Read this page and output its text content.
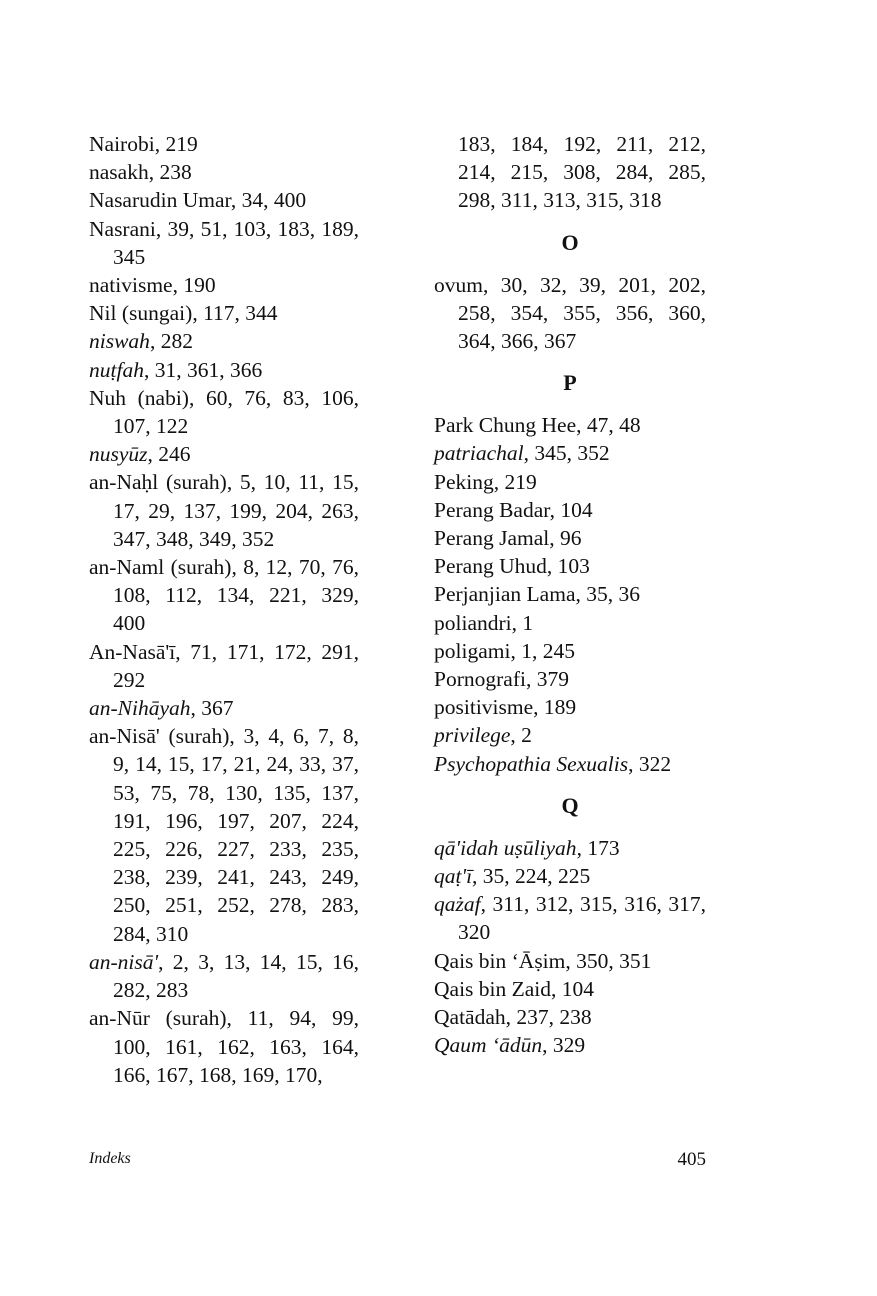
Nairobi, 219
nasakh, 238
Nasarudin Umar, 34, 400
Nasrani, 39, 51, 103, 183, 189, 345
nativisme, 190
Nil (sungai), 117, 344
niswah, 282
nuṭfah, 31, 361, 366
Nuh (nabi), 60, 76, 83, 106, 107, 122
nusyūz, 246
an-Naḥl (surah), 5, 10, 11, 15, 17, 29, 137, 199, 204, 263, 347, 348, 349, 352
an-Naml (surah), 8, 12, 70, 76, 108, 112, 134, 221, 329, 400
An-Nasā'ī, 71, 171, 172, 291, 292
an-Nihāyah, 367
an-Nisā' (surah), 3, 4, 6, 7, 8, 9, 14, 15, 17, 21, 24, 33, 37, 53, 75, 78, 130, 135, 137, 191, 196, 197, 207, 224, 225, 226, 227, 233, 235, 238, 239, 241, 243, 249, 250, 251, 252, 278, 283, 284, 310
an-nisā', 2, 3, 13, 14, 15, 16, 282, 283
an-Nūr (surah), 11, 94, 99, 100, 161, 162, 163, 164, 166, 167, 168, 169, 170,
183, 184, 192, 211, 212, 214, 215, 308, 284, 285, 298, 311, 313, 315, 318
O
ovum, 30, 32, 39, 201, 202, 258, 354, 355, 356, 360, 364, 366, 367
P
Park Chung Hee, 47, 48
patriachal, 345, 352
Peking, 219
Perang Badar, 104
Perang Jamal, 96
Perang Uhud, 103
Perjanjian Lama, 35, 36
poliandri, 1
poligami, 1, 245
Pornografi, 379
positivisme, 189
privilege, 2
Psychopathia Sexualis, 322
Q
qā'idah uṣūliyah, 173
qaṭ'ī, 35, 224, 225
qażaf, 311, 312, 315, 316, 317, 320
Qais bin ‘Āṣim, 350, 351
Qais bin Zaid, 104
Qatādah, 237, 238
Qaum ‘ādūn, 329
Indeks	405
